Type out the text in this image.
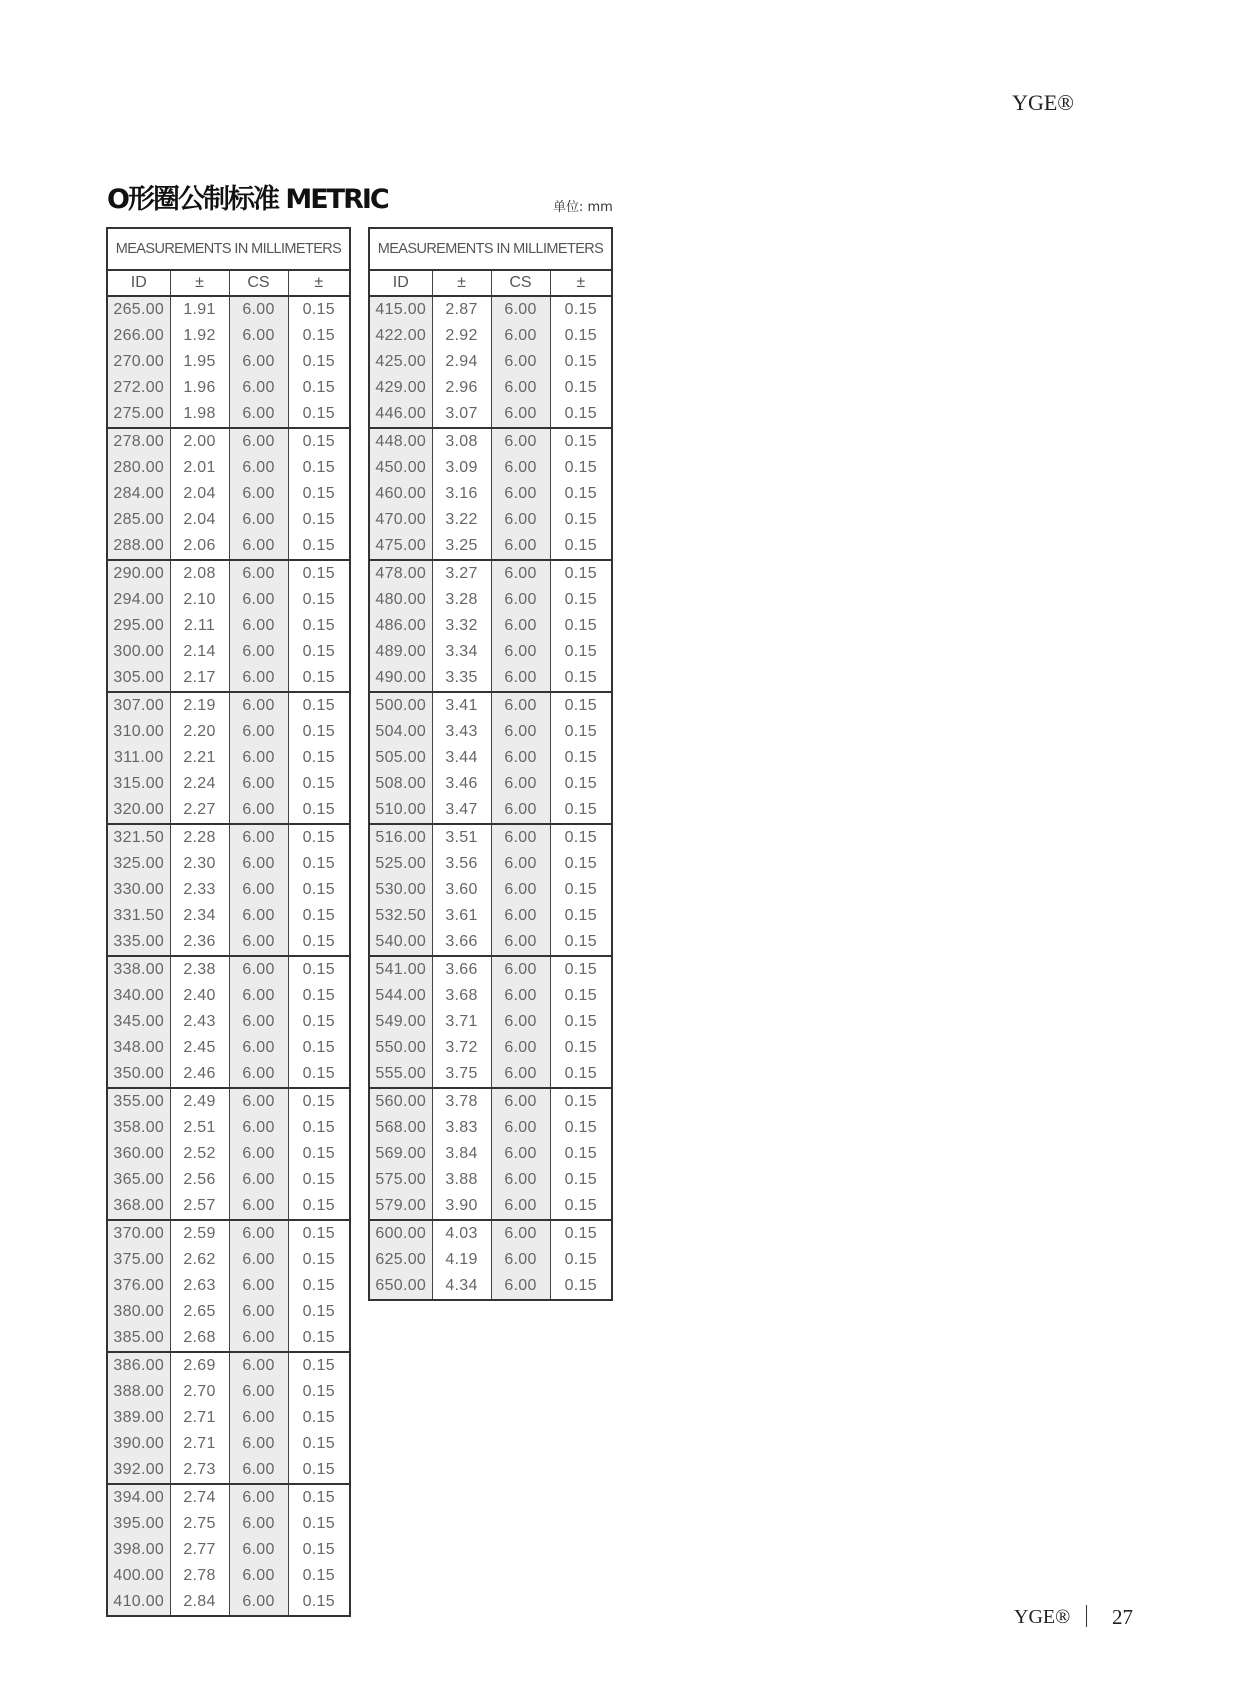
YGE®
O形圈公制标准 METRIC	单位: mm
MEASUREMENTS IN MILLIMETERS			
ID	±	CS	±
265.00	1.91	6.00	0.15
266.00	1.92	6.00	0.15
270.00	1.95	6.00	0.15
272.00	1.96	6.00	0.15
275.00	1.98	6.00	0.15
278.00	2.00	6.00	0.15
280.00	2.01	6.00	0.15
284.00	2.04	6.00	0.15
285.00	2.04	6.00	0.15
288.00	2.06	6.00	0.15
290.00	2.08	6.00	0.15
294.00	2.10	6.00	0.15
295.00	2.11	6.00	0.15
300.00	2.14	6.00	0.15
305.00	2.17	6.00	0.15
307.00	2.19	6.00	0.15
310.00	2.20	6.00	0.15
311.00	2.21	6.00	0.15
315.00	2.24	6.00	0.15
320.00	2.27	6.00	0.15
321.50	2.28	6.00	0.15
325.00	2.30	6.00	0.15
330.00	2.33	6.00	0.15
331.50	2.34	6.00	0.15
335.00	2.36	6.00	0.15
338.00	2.38	6.00	0.15
340.00	2.40	6.00	0.15
345.00	2.43	6.00	0.15
348.00	2.45	6.00	0.15
350.00	2.46	6.00	0.15
355.00	2.49	6.00	0.15
358.00	2.51	6.00	0.15
360.00	2.52	6.00	0.15
365.00	2.56	6.00	0.15
368.00	2.57	6.00	0.15
370.00	2.59	6.00	0.15
375.00	2.62	6.00	0.15
376.00	2.63	6.00	0.15
380.00	2.65	6.00	0.15
385.00	2.68	6.00	0.15
386.00	2.69	6.00	0.15
388.00	2.70	6.00	0.15
389.00	2.71	6.00	0.15
390.00	2.71	6.00	0.15
392.00	2.73	6.00	0.15
394.00	2.74	6.00	0.15
395.00	2.75	6.00	0.15
398.00	2.77	6.00	0.15
400.00	2.78	6.00	0.15
410.00	2.84	6.00	0.15
MEASUREMENTS IN MILLIMETERS			
ID	±	CS	±
415.00	2.87	6.00	0.15
422.00	2.92	6.00	0.15
425.00	2.94	6.00	0.15
429.00	2.96	6.00	0.15
446.00	3.07	6.00	0.15
448.00	3.08	6.00	0.15
450.00	3.09	6.00	0.15
460.00	3.16	6.00	0.15
470.00	3.22	6.00	0.15
475.00	3.25	6.00	0.15
478.00	3.27	6.00	0.15
480.00	3.28	6.00	0.15
486.00	3.32	6.00	0.15
489.00	3.34	6.00	0.15
490.00	3.35	6.00	0.15
500.00	3.41	6.00	0.15
504.00	3.43	6.00	0.15
505.00	3.44	6.00	0.15
508.00	3.46	6.00	0.15
510.00	3.47	6.00	0.15
516.00	3.51	6.00	0.15
525.00	3.56	6.00	0.15
530.00	3.60	6.00	0.15
532.50	3.61	6.00	0.15
540.00	3.66	6.00	0.15
541.00	3.66	6.00	0.15
544.00	3.68	6.00	0.15
549.00	3.71	6.00	0.15
550.00	3.72	6.00	0.15
555.00	3.75	6.00	0.15
560.00	3.78	6.00	0.15
568.00	3.83	6.00	0.15
569.00	3.84	6.00	0.15
575.00	3.88	6.00	0.15
579.00	3.90	6.00	0.15
600.00	4.03	6.00	0.15
625.00	4.19	6.00	0.15
650.00	4.34	6.00	0.15
YGE® 27
